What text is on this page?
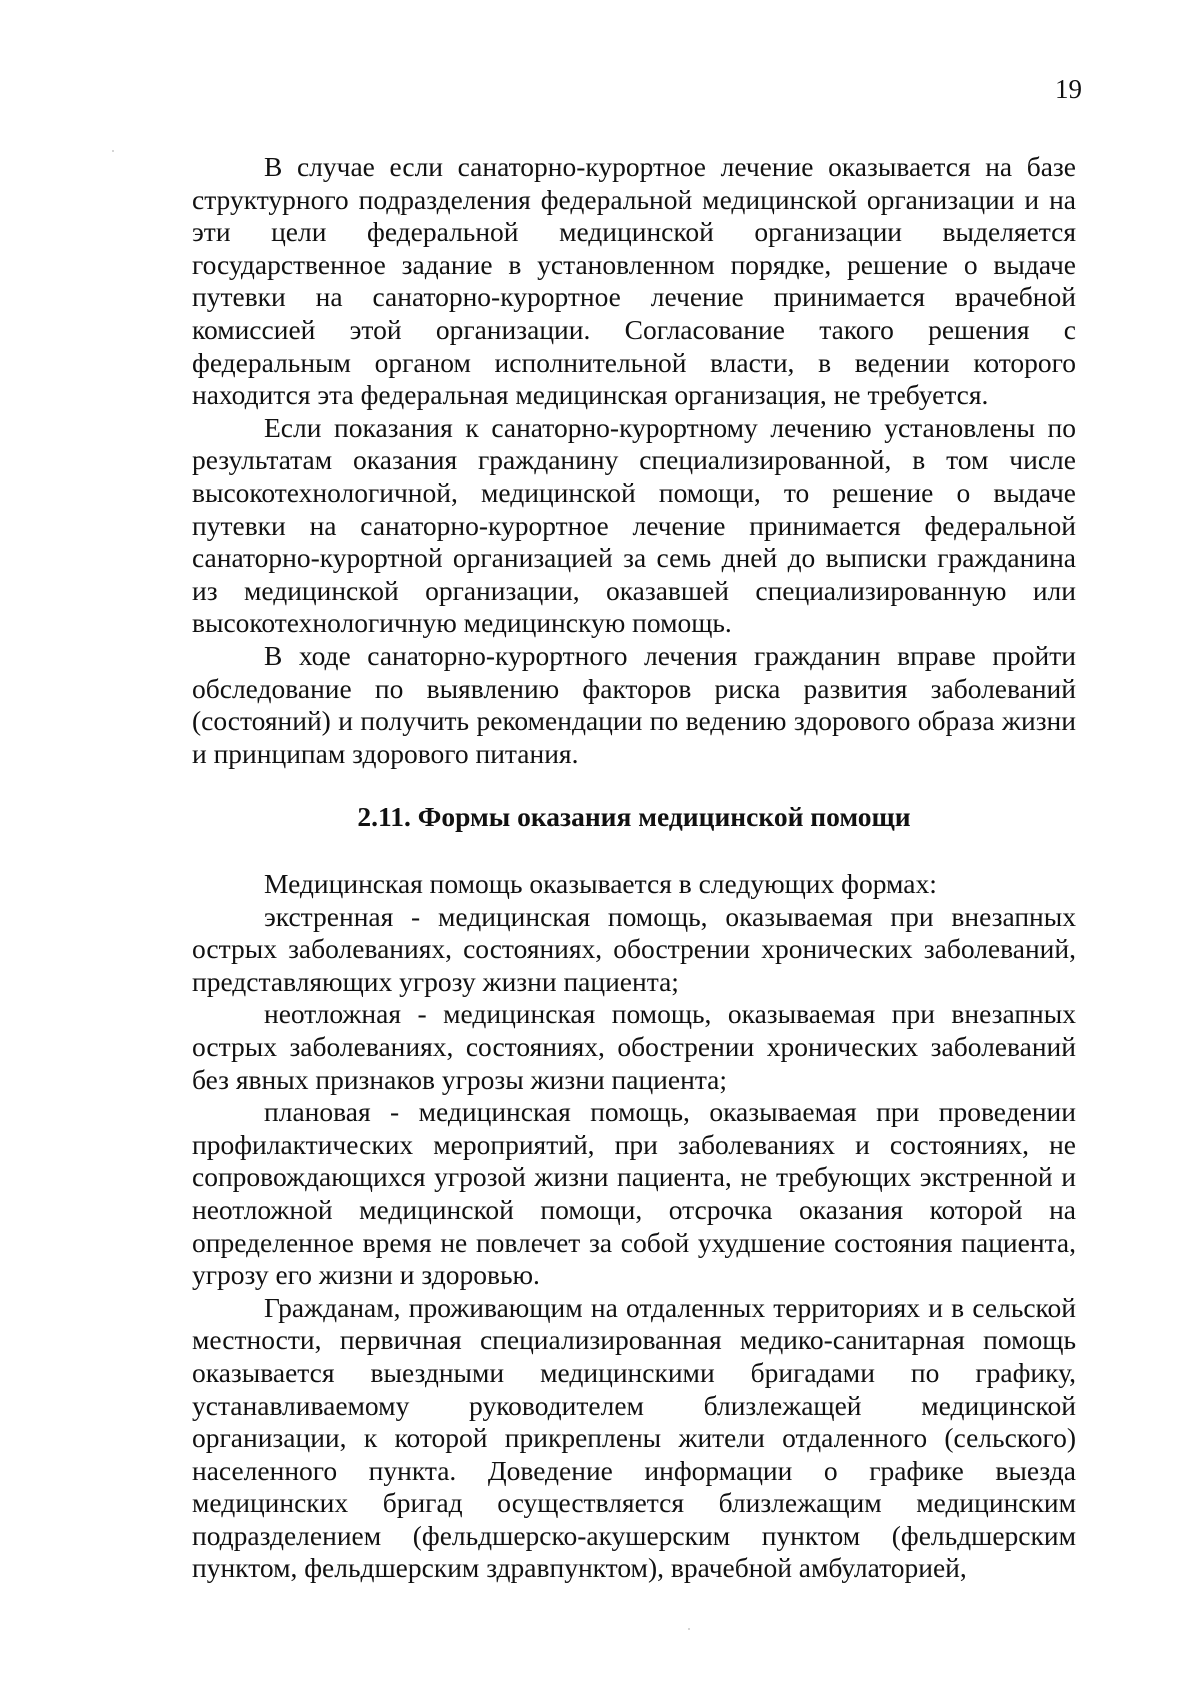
19

В случае если санаторно-курортное лечение оказывается на базе структурного подразделения федеральной медицинской организации и на эти цели федеральной медицинской организации выделяется государственное задание в установленном порядке, решение о выдаче путевки на санаторно-курортное лечение принимается врачебной комиссией этой организации. Согласование такого решения с федеральным органом исполнительной власти, в ведении которого находится эта федеральная медицинская организация, не требуется.

Если показания к санаторно-курортному лечению установлены по результатам оказания гражданину специализированной, в том числе высокотехнологичной, медицинской помощи, то решение о выдаче путевки на санаторно-курортное лечение принимается федеральной санаторно-курортной организацией за семь дней до выписки гражданина из медицинской организации, оказавшей специализированную или высокотехнологичную медицинскую помощь.

В ходе санаторно-курортного лечения гражданин вправе пройти обследование по выявлению факторов риска развития заболеваний (состояний) и получить рекомендации по ведению здорового образа жизни и принципам здорового питания.

2.11. Формы оказания медицинской помощи

Медицинская помощь оказывается в следующих формах:

экстренная - медицинская помощь, оказываемая при внезапных острых заболеваниях, состояниях, обострении хронических заболеваний, представляющих угрозу жизни пациента;

неотложная - медицинская помощь, оказываемая при внезапных острых заболеваниях, состояниях, обострении хронических заболеваний без явных признаков угрозы жизни пациента;

плановая - медицинская помощь, оказываемая при проведении профилактических мероприятий, при заболеваниях и состояниях, не сопровождающихся угрозой жизни пациента, не требующих экстренной и неотложной медицинской помощи, отсрочка оказания которой на определенное время не повлечет за собой ухудшение состояния пациента, угрозу его жизни и здоровью.

Гражданам, проживающим на отдаленных территориях и в сельской местности, первичная специализированная медико-санитарная помощь оказывается выездными медицинскими бригадами по графику, устанавливаемому руководителем близлежащей медицинской организации, к которой прикреплены жители отдаленного (сельского) населенного пункта. Доведение информации о графике выезда медицинских бригад осуществляется близлежащим медицинским подразделением (фельдшерско-акушерским пунктом (фельдшерским пунктом, фельдшерским здравпунктом), врачебной амбулаторией,
